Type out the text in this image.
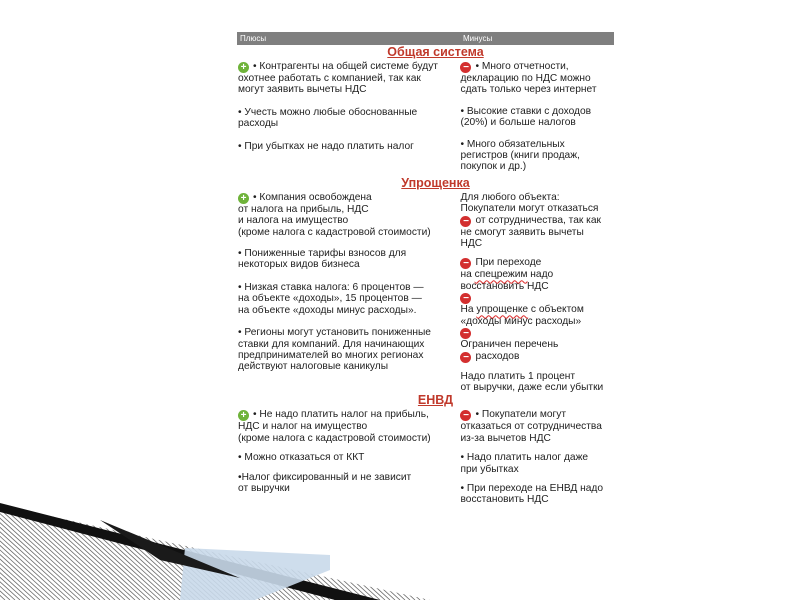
Плюсы	Минусы
Общая система
+ • Контрагенты на общей системе будут
охотнее работать с компанией, так как
могут заявить вычеты НДС
• Учесть можно любые обоснованные
расходы
• При убытках не надо платить налог
− • Много отчетности,
декларацию по НДС можно
сдать только через интернет
• Высокие ставки с доходов
(20%) и больше налогов
• Много обязательных
регистров (книги продаж,
покупок и др.)
Упрощенка
+ • Компания освобождена
от налога на прибыль, НДС
и налога на имущество
(кроме налога с кадастровой стоимости)
• Пониженные тарифы взносов для
некоторых видов бизнеса
• Низкая ставка налога: 6 процентов —
на объекте «доходы», 15 процентов —
на объекте «доходы минус расходы».
• Регионы могут установить пониженные
ставки для компаний. Для начинающих
предпринимателей во многих регионах
действуют налоговые каникулы
Для любого объекта:
Покупатели могут отказаться
− от сотрудничества, так как
не смогут заявить вычеты
НДС
− При переходе
на спецрежим надо
восстановить НДС
−
На упрощенке с объектом
«доходы минус расходы»
−
Ограничен перечень
− расходов
Надо платить 1 процент
от выручки, даже если убытки
ЕНВД
+ • Не надо платить налог на прибыль,
НДС и налог на имущество
(кроме налога с кадастровой стоимости)
• Можно отказаться от ККТ
•Налог фиксированный и не зависит
от выручки
− • Покупатели могут
отказаться от сотрудничества
из-за вычетов НДС
• Надо платить налог даже
при убытках
• При переходе на ЕНВД надо
восстановить НДС
